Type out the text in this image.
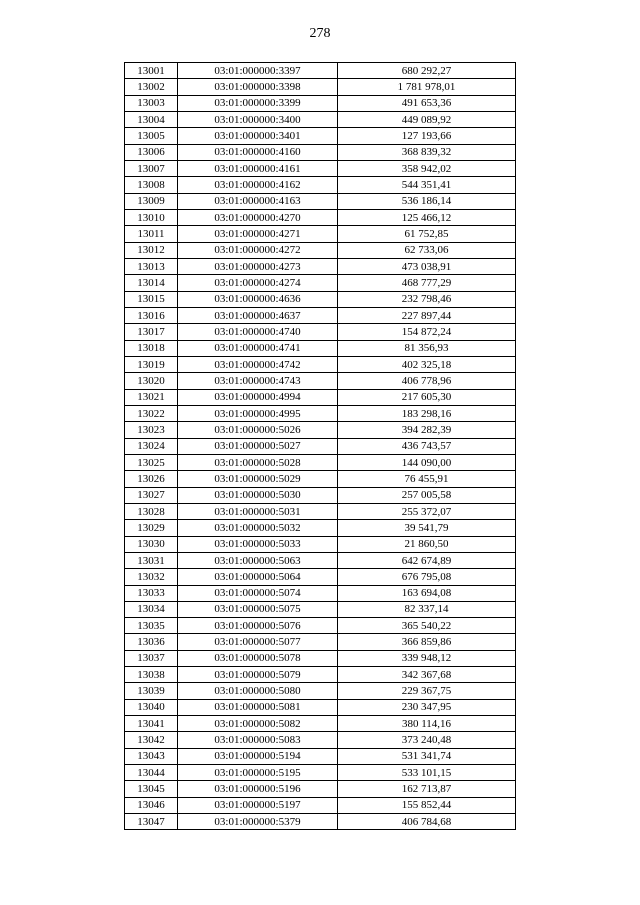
278
13001	03:01:000000:3397	680 292,27
13002	03:01:000000:3398	1 781 978,01
13003	03:01:000000:3399	491 653,36
13004	03:01:000000:3400	449 089,92
13005	03:01:000000:3401	127 193,66
13006	03:01:000000:4160	368 839,32
13007	03:01:000000:4161	358 942,02
13008	03:01:000000:4162	544 351,41
13009	03:01:000000:4163	536 186,14
13010	03:01:000000:4270	125 466,12
13011	03:01:000000:4271	61 752,85
13012	03:01:000000:4272	62 733,06
13013	03:01:000000:4273	473 038,91
13014	03:01:000000:4274	468 777,29
13015	03:01:000000:4636	232 798,46
13016	03:01:000000:4637	227 897,44
13017	03:01:000000:4740	154 872,24
13018	03:01:000000:4741	81 356,93
13019	03:01:000000:4742	402 325,18
13020	03:01:000000:4743	406 778,96
13021	03:01:000000:4994	217 605,30
13022	03:01:000000:4995	183 298,16
13023	03:01:000000:5026	394 282,39
13024	03:01:000000:5027	436 743,57
13025	03:01:000000:5028	144 090,00
13026	03:01:000000:5029	76 455,91
13027	03:01:000000:5030	257 005,58
13028	03:01:000000:5031	255 372,07
13029	03:01:000000:5032	39 541,79
13030	03:01:000000:5033	21 860,50
13031	03:01:000000:5063	642 674,89
13032	03:01:000000:5064	676 795,08
13033	03:01:000000:5074	163 694,08
13034	03:01:000000:5075	82 337,14
13035	03:01:000000:5076	365 540,22
13036	03:01:000000:5077	366 859,86
13037	03:01:000000:5078	339 948,12
13038	03:01:000000:5079	342 367,68
13039	03:01:000000:5080	229 367,75
13040	03:01:000000:5081	230 347,95
13041	03:01:000000:5082	380 114,16
13042	03:01:000000:5083	373 240,48
13043	03:01:000000:5194	531 341,74
13044	03:01:000000:5195	533 101,15
13045	03:01:000000:5196	162 713,87
13046	03:01:000000:5197	155 852,44
13047	03:01:000000:5379	406 784,68
